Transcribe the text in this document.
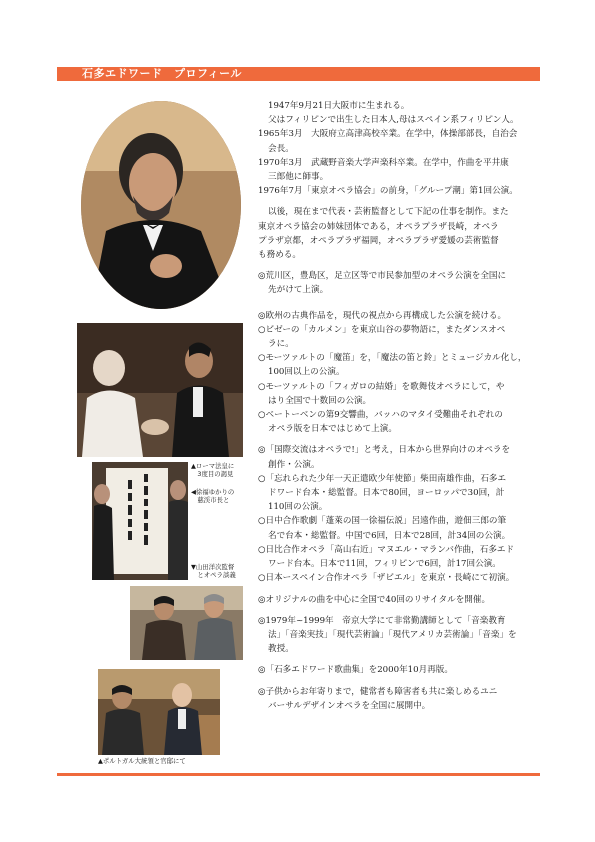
石多エドワード　プロフィール
▲ローマ法皇に
　3度目の謁見
◀徐福ゆかりの
　慈渓市長と
▼山田洋次監督
　とオペラ談義
▲ポルトガル大統領と官邸にて
1947年9月21日大阪市に生まれる。
父はフィリピンで出生した日本人,母はスペイン系フィリピン人。
1965年3月　大阪府立高津高校卒業。在学中，体操部部長，自治会
会長。
1970年3月　武蔵野音楽大学声楽科卒業。在学中，作曲を平井康
三郎他に師事。
1976年7月「東京オペラ協会」の前身，「グループ潮」第1回公演。
以後，現在まで代表・芸術監督として下記の仕事を制作。また
東京オペラ協会の姉妹団体である，オペラプラザ長崎，オペラ
プラザ京都，オペラプラザ福岡，オペラプラザ愛媛の芸術監督
も務める。
◎荒川区，豊島区，足立区等で市民参加型のオペラ公演を全国に
先がけて上演。
◎欧州の古典作品を，現代の視点から再構成した公演を続ける。
○ビゼーの「カルメン」を東京山谷の夢物語に，またダンスオペ
ラに。
○モーツァルトの「魔笛」を，「魔法の笛と鈴」とミュージカル化し，
100回以上の公演。
○モーツァルトの「フィガロの結婚」を歌舞伎オペラにして，や
はり全国で十数回の公演。
○ベートーベンの第9交響曲，バッハのマタイ受難曲それぞれの
オペラ版を日本ではじめて上演。
◎「国際交流はオペラで!」と考え，日本から世界向けのオペラを
創作・公演。
○「忘れられた少年一天正遣欧少年使節」柴田南雄作曲，石多エ
ドワード台本・総監督。日本で80回，ヨーロッパで30回，計
110回の公演。
○日中合作歌劇「蓬萊の国一徐福伝説」呂遠作曲，遊佃三郎の筆
名で台本・総監督。中国で6回，日本で28回，計34回の公演。
○日比合作オペラ「高山右近」マヌエル・マランバ作曲，石多エド
ワード台本。日本で11回，フィリピンで6回，計17回公演。
○日本ースペイン合作オペラ「ザビエル」を東京・長崎にて初演。
◎オリジナルの曲を中心に全国で40回のリサイタルを開催。
◎1979年~1999年　帝京大学にて非常勤講師として「音楽教育
法」「音楽実技」「現代芸術論」「現代アメリカ芸術論」「音楽」を
教授。
◎「石多エドワード歌曲集」を2000年10月再版。
◎子供からお年寄りまで，健常者も障害者も共に楽しめるユニ
バーサルデザインオペラを全国に展開中。
